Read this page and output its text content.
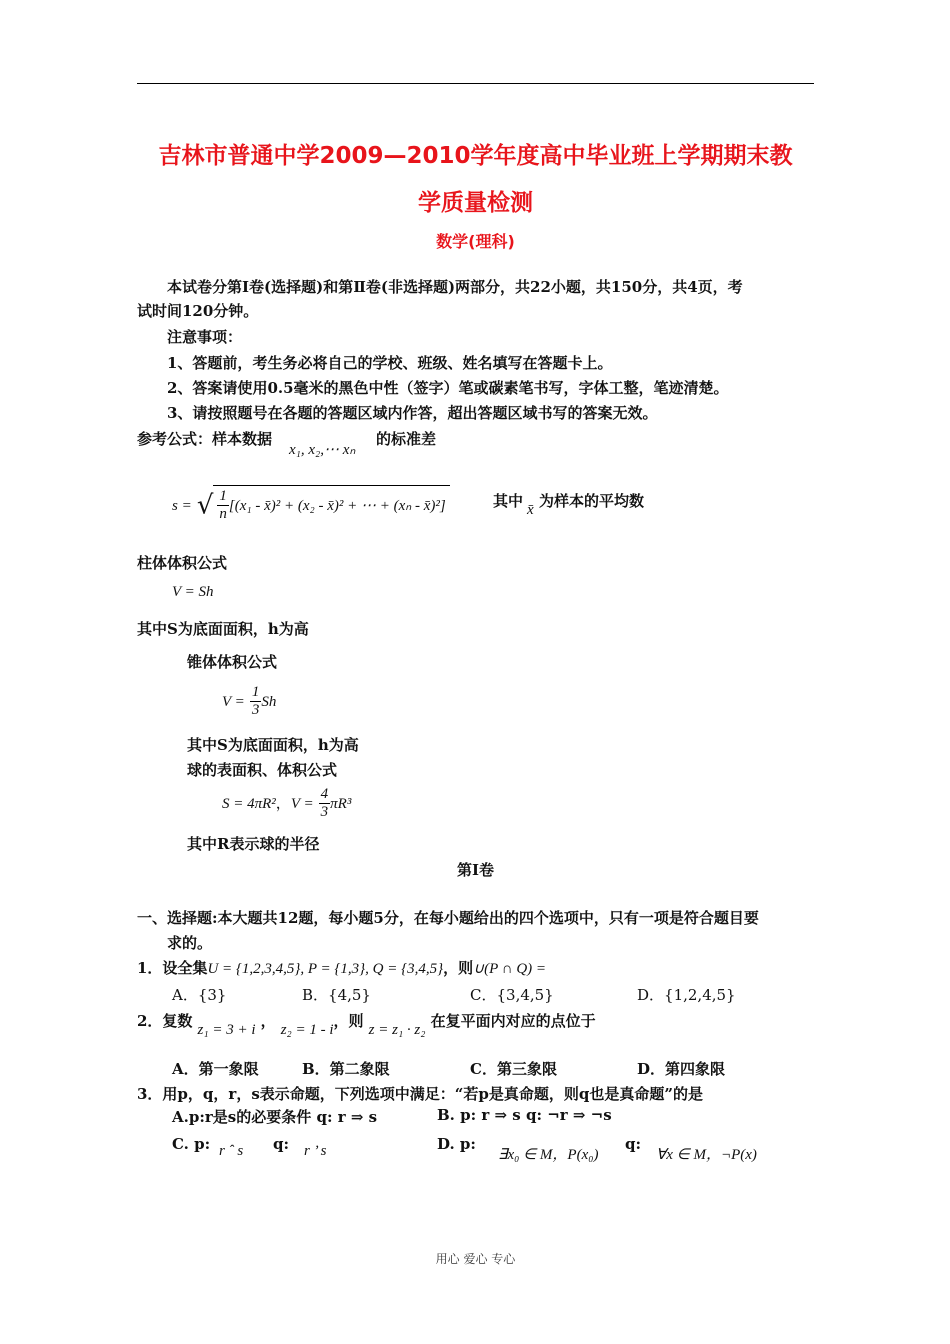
吉林市普通中学2009—2010学年度高中毕业班上学期期末教
学质量检测
数学(理科)
本试卷分第Ⅰ卷(选择题)和第Ⅱ卷(非选择题)两部分，共22小题，共150分，共4页，考
试时间120分钟。
注意事项：
1、答题前，考生务必将自己的学校、班级、姓名填写在答题卡上。
2、答案请使用0.5毫米的黑色中性（签字）笔或碳素笔书写，字体工整，笔迹清楚。
3、请按照题号在各题的答题区域内作答，超出答题区域书写的答案无效。
参考公式：样本数据
x₁, x₂,⋯ xₙ
的标准差
s = √ $\frac{1}{n} [(x_1$ - x̄)² + (x₂ - x̄)² + ⋯ + (xₙ - x̄)²]	其中 x̄ 为样本的平均数
柱体体积公式
V = Sh
其中S为底面面积，h为高
锥体体积公式
$V = \frac{1}{3}$ Sh
其中S为底面面积，h为高
球的表面积、体积公式
S = 4πR²，$V = \frac{4}{3} \pi R^3$
其中R表示球的半径
第Ⅰ卷
一、选择题:本大题共12题，每小题5分，在每小题给出的四个选项中，只有一项是符合题目要
求的。
1．设全集U = {1,2,3,4,5}, P = {1,3}, Q = {3,4,5}，则∪(P ∩ Q) =
A．{3}	B．{4,5}	C．{3,4,5}	D．{1,2,4,5}
2．复数 z₁ = 3 + i ， z₂ = 1 - i，则 z = z₁ · z₂ 在复平面内对应的点位于
A．第一象限	B．第二象限	C．第三象限	D．第四象限
3．用p，q，r，s表示命题，下列选项中满足：“若p是真命题，则q也是真命题”的是
A.p:r是s的必要条件 q: r ⇒ s	B. p: r ⇒ s q: ¬r ⇒ ¬s
C. p: r ˆ s q: r ’ s	D. p:
∃x₀ ∈ M，P(x₀)
q:
∀x ∈ M，¬P(x)
用心 爱心 专心
